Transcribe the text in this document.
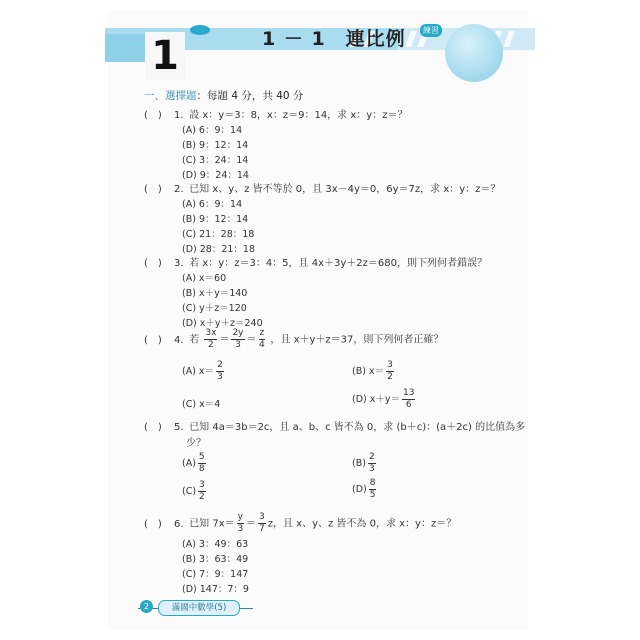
1	1 － 1　連比例	練習
一、選擇題：每題 4 分，共 40 分
(　) 1. 設 x：y＝3：8，x：z＝9：14，求 x：y：z＝？
(A) 6：9：14
(B) 9：12：14
(C) 3：24：14
(D) 9：24：14
(　) 2. 已知 x、y、z 皆不等於 0，且 3x－4y＝0，6y＝7z，求 x：y：z＝？
(A) 6：9：14
(B) 9：12：14
(C) 21：28：18
(D) 28：21：18
(　) 3. 若 x：y：z＝3：4：5，且 4x＋3y＋2z＝680，則下列何者錯誤？
(A) x＝60
(B) x＋y＝140
(C) y＋z＝120
(D) x＋y＋z＝240
(　) 4. 若 $\frac{3x}{2} = \frac{2y}{3} = \frac{z}{4}$ ，且 x＋y＋z＝37，則下列何者正確？
(A) $x= \frac{2}{3}$	(B) $x= \frac{3}{2}$
(C) x＝4	(D) $x+y= \frac{13}{6}$
(　) 5. 已知 4a＝3b＝2c，且 a、b、c 皆不為 0，求 (b＋c)：(a＋2c) 的比值為多
少？
$(A) \frac{5}{8}$	$(B) \frac{2}{3}$
$(C) \frac{3}{2}$	$(D) \frac{8}{5}$
(　) 6. 已知 $7x= \frac{y}{3} = \frac{3}{7}$ z，且 x、y、z 皆不為 0，求 x：y：z＝？
(A) 3：49：63
(B) 3：63：49
(C) 7：9：147
(D) 147：7：9
2	滿國中數學(5)
